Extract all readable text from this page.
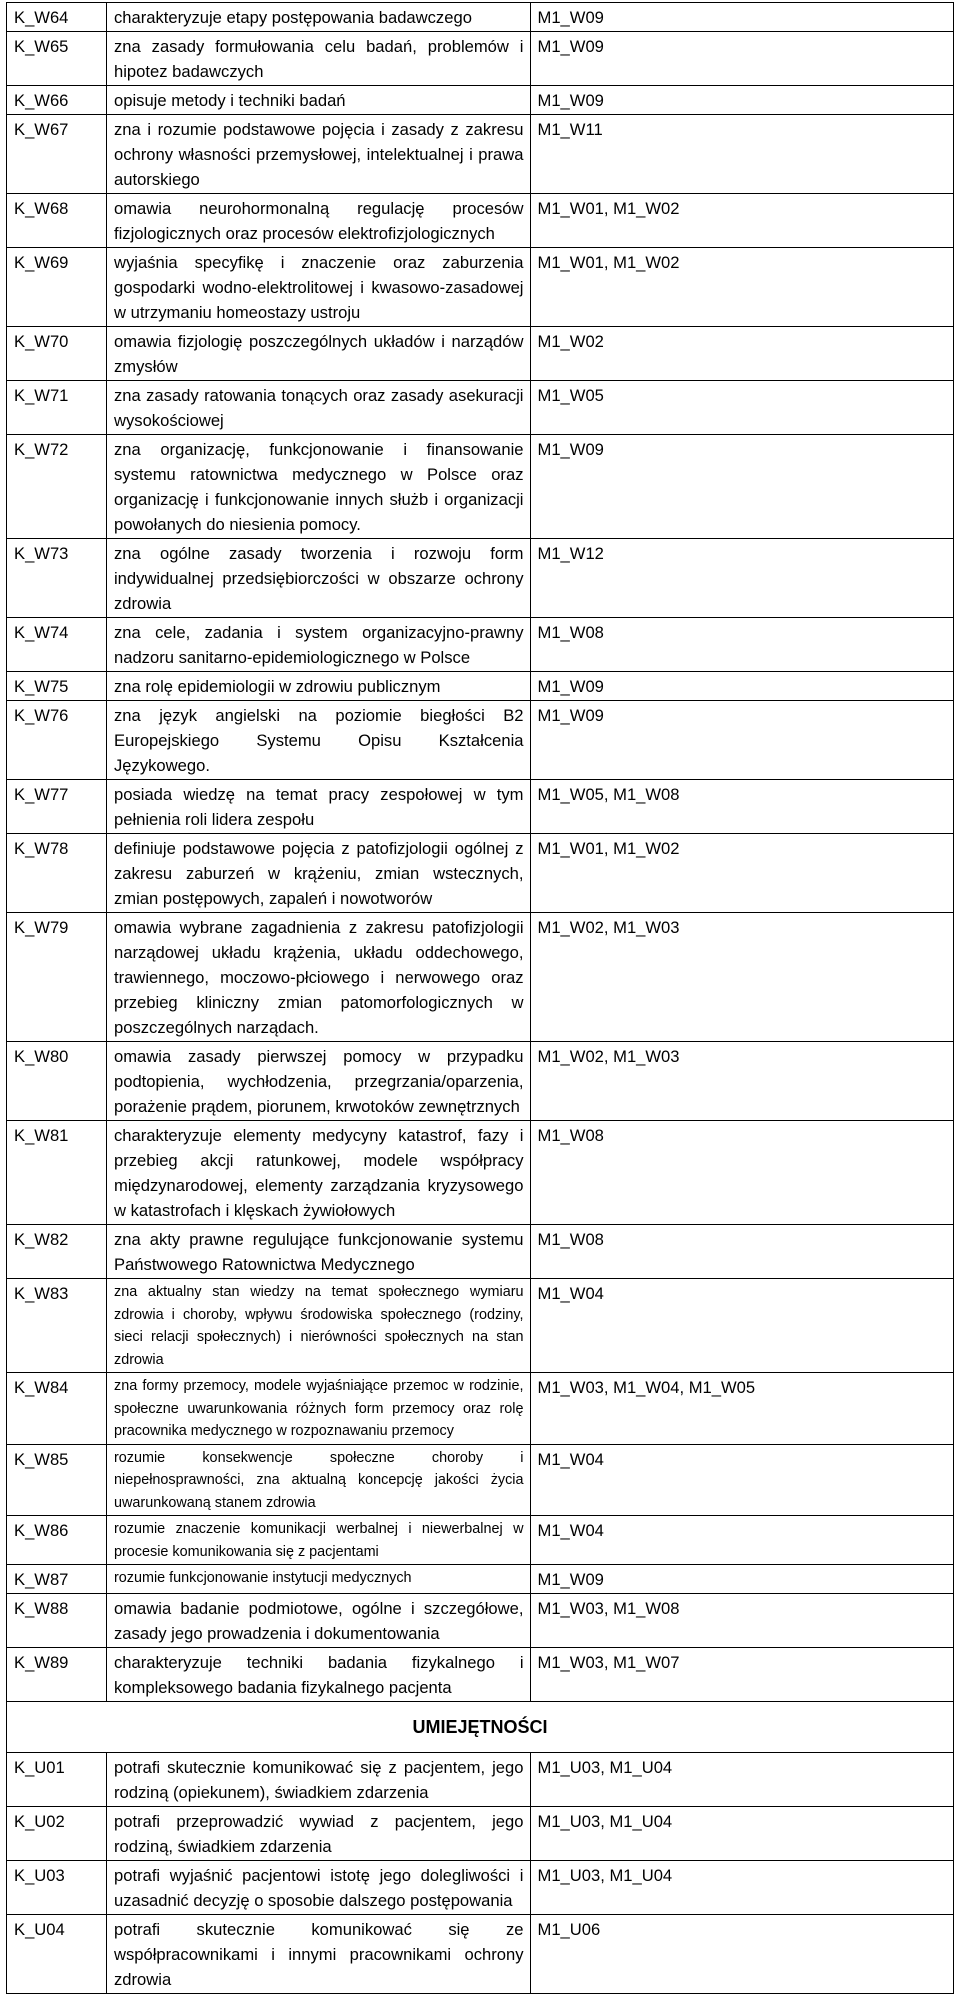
K_W64	charakteryzuje etapy postępowania badawczego	M1_W09
K_W65	zna zasady formułowania celu badań, problemów i hipotez badawczych	M1_W09
K_W66	opisuje metody i techniki badań	M1_W09
K_W67	zna i rozumie podstawowe pojęcia i zasady z zakresu ochrony własności przemysłowej, intelektualnej i prawa autorskiego	M1_W11
K_W68	omawia neurohormonalną regulację procesów fizjologicznych oraz procesów elektrofizjologicznych	M1_W01, M1_W02
K_W69	wyjaśnia specyfikę i znaczenie oraz zaburzenia gospodarki wodno-elektrolitowej i kwasowo-zasadowej w utrzymaniu homeostazy ustroju	M1_W01, M1_W02
K_W70	omawia fizjologię poszczególnych układów i narządów zmysłów	M1_W02
K_W71	zna zasady ratowania tonących oraz zasady asekuracji wysokościowej	M1_W05
K_W72	zna organizację, funkcjonowanie i finansowanie systemu ratownictwa medycznego w Polsce oraz organizację i funkcjonowanie innych służb i organizacji powołanych do niesienia pomocy.	M1_W09
K_W73	zna ogólne zasady tworzenia i rozwoju form indywidualnej przedsiębiorczości w obszarze ochrony zdrowia	M1_W12
K_W74	zna cele, zadania i system organizacyjno-prawny nadzoru sanitarno-epidemiologicznego w Polsce	M1_W08
K_W75	zna rolę epidemiologii w zdrowiu publicznym	M1_W09
K_W76	zna język angielski na poziomie biegłości B2 Europejskiego Systemu Opisu Kształcenia Językowego.	M1_W09
K_W77	posiada wiedzę na temat pracy zespołowej w tym pełnienia roli lidera zespołu	M1_W05, M1_W08
K_W78	definiuje podstawowe pojęcia z patofizjologii ogólnej z zakresu zaburzeń w krążeniu, zmian wstecznych, zmian postępowych, zapaleń i nowotworów	M1_W01, M1_W02
K_W79	omawia wybrane zagadnienia z zakresu patofizjologii narządowej układu krążenia, układu oddechowego, trawiennego, moczowo-płciowego i nerwowego oraz przebieg kliniczny zmian patomorfologicznych w poszczególnych narządach.	M1_W02, M1_W03
K_W80	omawia zasady pierwszej pomocy w przypadku podtopienia, wychłodzenia, przegrzania/oparzenia, porażenie prądem, piorunem, krwotoków zewnętrznych	M1_W02, M1_W03
K_W81	charakteryzuje elementy medycyny katastrof, fazy i przebieg akcji ratunkowej, modele współpracy międzynarodowej, elementy zarządzania kryzysowego w katastrofach i klęskach żywiołowych	M1_W08
K_W82	zna akty prawne regulujące funkcjonowanie systemu Państwowego Ratownictwa Medycznego	M1_W08
K_W83	zna aktualny stan wiedzy na temat społecznego wymiaru zdrowia i choroby, wpływu środowiska społecznego (rodziny, sieci relacji społecznych) i nierówności społecznych na stan zdrowia	M1_W04
K_W84	zna formy przemocy, modele wyjaśniające przemoc w rodzinie, społeczne uwarunkowania różnych form przemocy oraz rolę pracownika medycznego w rozpoznawaniu przemocy	M1_W03, M1_W04, M1_W05
K_W85	rozumie konsekwencje społeczne choroby i niepełnosprawności, zna aktualną koncepcję jakości życia uwarunkowaną stanem zdrowia	M1_W04
K_W86	rozumie znaczenie komunikacji werbalnej i niewerbalnej w procesie komunikowania się z pacjentami	M1_W04
K_W87	rozumie funkcjonowanie instytucji medycznych	M1_W09
K_W88	omawia badanie podmiotowe, ogólne i szczegółowe, zasady jego prowadzenia i dokumentowania	M1_W03, M1_W08
K_W89	charakteryzuje techniki badania fizykalnego i kompleksowego badania fizykalnego pacjenta	M1_W03, M1_W07
UMIEJĘTNOŚCI		
K_U01	potrafi skutecznie komunikować się z pacjentem, jego rodziną (opiekunem), świadkiem zdarzenia	M1_U03, M1_U04
K_U02	potrafi przeprowadzić wywiad z pacjentem, jego rodziną, świadkiem zdarzenia	M1_U03, M1_U04
K_U03	potrafi wyjaśnić pacjentowi istotę jego dolegliwości i uzasadnić decyzję o sposobie dalszego postępowania	M1_U03, M1_U04
K_U04	potrafi skutecznie komunikować się ze współpracownikami i innymi pracownikami ochrony zdrowia	M1_U06
